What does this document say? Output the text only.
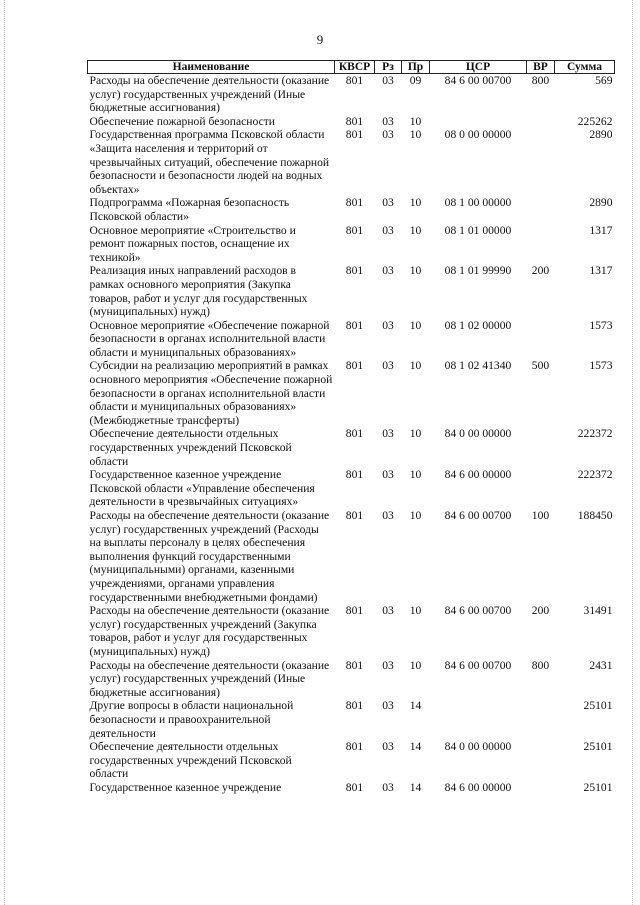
9
Наименование	КВСР	Рз	Пр	ЦСР	ВР	Сумма
Расходы на обеспечение деятельности (оказание услуг) государственных учреждений (Иные бюджетные ассигнования)	801	03	09	84 6 00 00700	800	569
Обеспечение пожарной безопасности	801	03	10			225262
Государственная программа Псковской области «Защита населения и территорий от чрезвычайных ситуаций, обеспечение пожарной безопасности и безопасности людей на водных объектах»	801	03	10	08 0 00 00000		2890
Подпрограмма «Пожарная безопасность Псковской области»	801	03	10	08 1 00 00000		2890
Основное мероприятие «Строительство и ремонт пожарных постов, оснащение их техникой»	801	03	10	08 1 01 00000		1317
Реализация иных направлений расходов в рамках основного мероприятия (Закупка товаров, работ и услуг для государственных (муниципальных) нужд)	801	03	10	08 1 01 99990	200	1317
Основное мероприятие «Обеспечение пожарной безопасности в органах исполнительной власти области и муниципальных образованиях»	801	03	10	08 1 02 00000		1573
Субсидии на реализацию мероприятий в рамках основного мероприятия «Обеспечение пожарной безопасности в органах исполнительной власти области и муниципальных образованиях» (Межбюджетные трансферты)	801	03	10	08 1 02 41340	500	1573
Обеспечение деятельности отдельных государственных учреждений Псковской области	801	03	10	84 0 00 00000		222372
Государственное казенное учреждение Псковской области «Управление обеспечения деятельности в чрезвычайных ситуациях»	801	03	10	84 6 00 00000		222372
Расходы на обеспечение деятельности (оказание услуг) государственных учреждений (Расходы на выплаты персоналу в целях обеспечения выполнения функций государственными (муниципальными) органами, казенными учреждениями, органами управления государственными внебюджетными фондами)	801	03	10	84 6 00 00700	100	188450
Расходы на обеспечение деятельности (оказание услуг) государственных учреждений (Закупка товаров, работ и услуг для государственных (муниципальных) нужд)	801	03	10	84 6 00 00700	200	31491
Расходы на обеспечение деятельности (оказание услуг) государственных учреждений (Иные бюджетные ассигнования)	801	03	10	84 6 00 00700	800	2431
Другие вопросы в области национальной безопасности и правоохранительной деятельности	801	03	14			25101
Обеспечение деятельности отдельных государственных учреждений Псковской области	801	03	14	84 0 00 00000		25101
Государственное казенное учреждение	801	03	14	84 6 00 00000		25101
